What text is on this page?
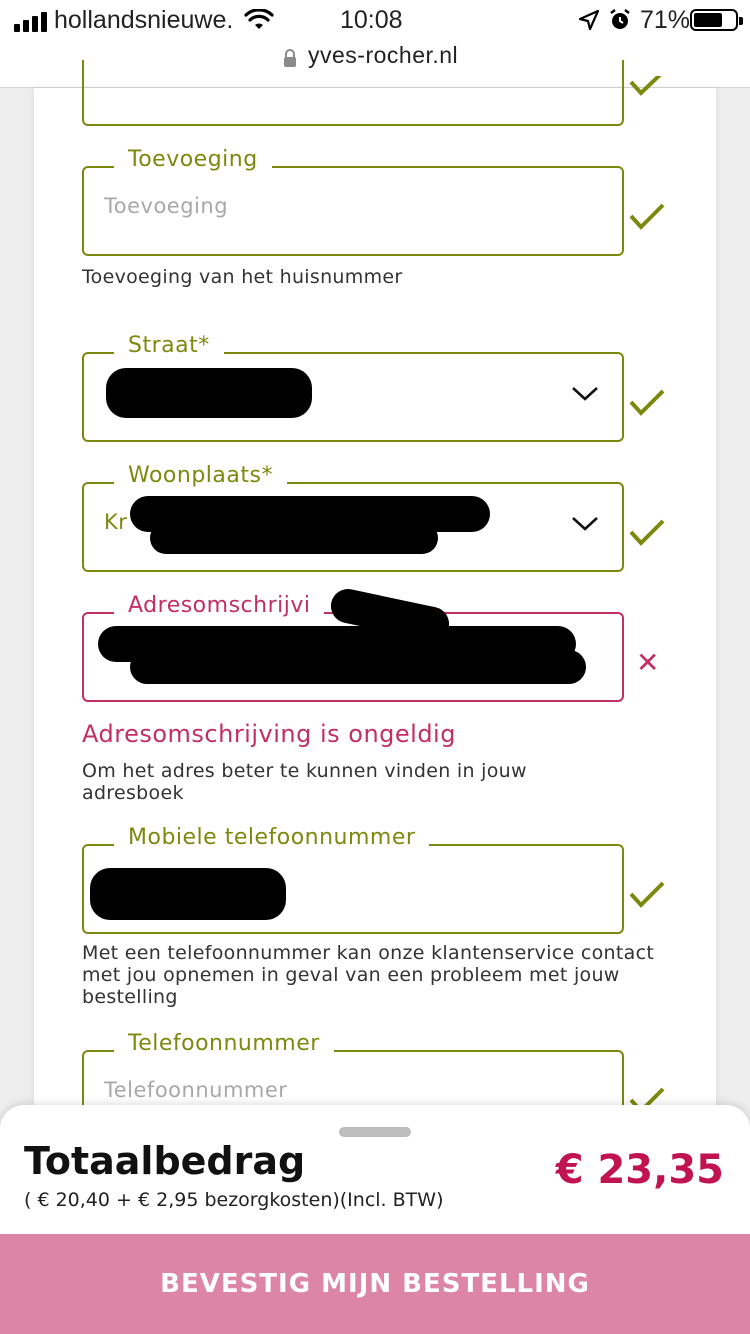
hollandsnieuwe.	10:08	71%
yves-rocher.nl
Toevoeging
Toevoeging
Toevoeging van het huisnummer
Straat*
Woonplaats*
Kr
Adresomschrijvi
✕
Adresomschrijving is ongeldig
Om het adres beter te kunnen vinden in jouw adresboek
Mobiele telefoonnummer
Met een telefoonnummer kan onze klantenservice contact met jou opnemen in geval van een probleem met jouw bestelling
Telefoonnummer
Telefoonnummer
Totaalbedrag
( € 20,40 + € 2,95 bezorgkosten)(Incl. BTW)
€ 23,35
BEVESTIG MIJN BESTELLING
